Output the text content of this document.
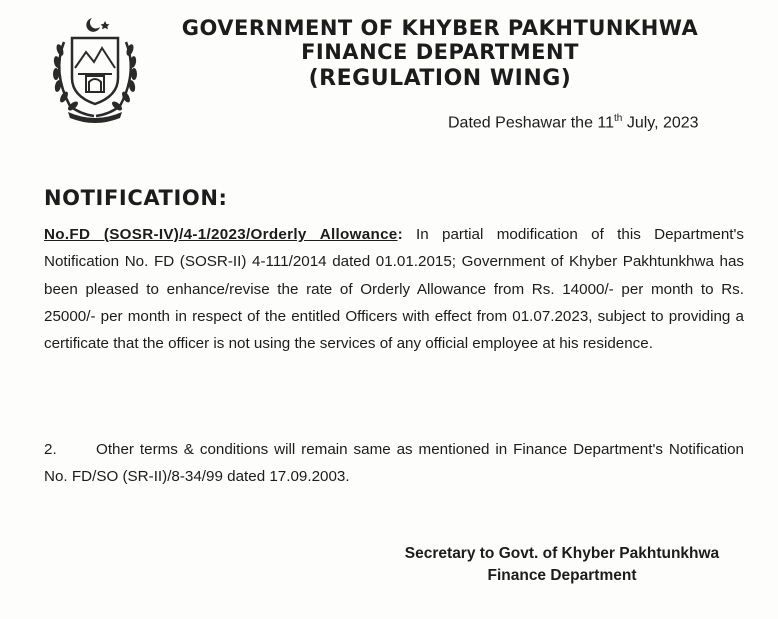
GOVERNMENT OF KHYBER PAKHTUNKHWA
FINANCE DEPARTMENT
(REGULATION WING)
Dated Peshawar the 11th July, 2023
NOTIFICATION:
No.FD (SOSR-IV)/4-1/2023/Orderly Allowance: In partial modification of this Department's Notification No. FD (SOSR-II) 4-111/2014 dated 01.01.2015; Government of Khyber Pakhtunkhwa has been pleased to enhance/revise the rate of Orderly Allowance from Rs. 14000/- per month to Rs. 25000/- per month in respect of the entitled Officers with effect from 01.07.2023, subject to providing a certificate that the officer is not using the services of any official employee at his residence.
2.	Other terms & conditions will remain same as mentioned in Finance Department's Notification No. FD/SO (SR-II)/8-34/99 dated 17.09.2003.
Secretary to Govt. of Khyber Pakhtunkhwa
Finance Department
